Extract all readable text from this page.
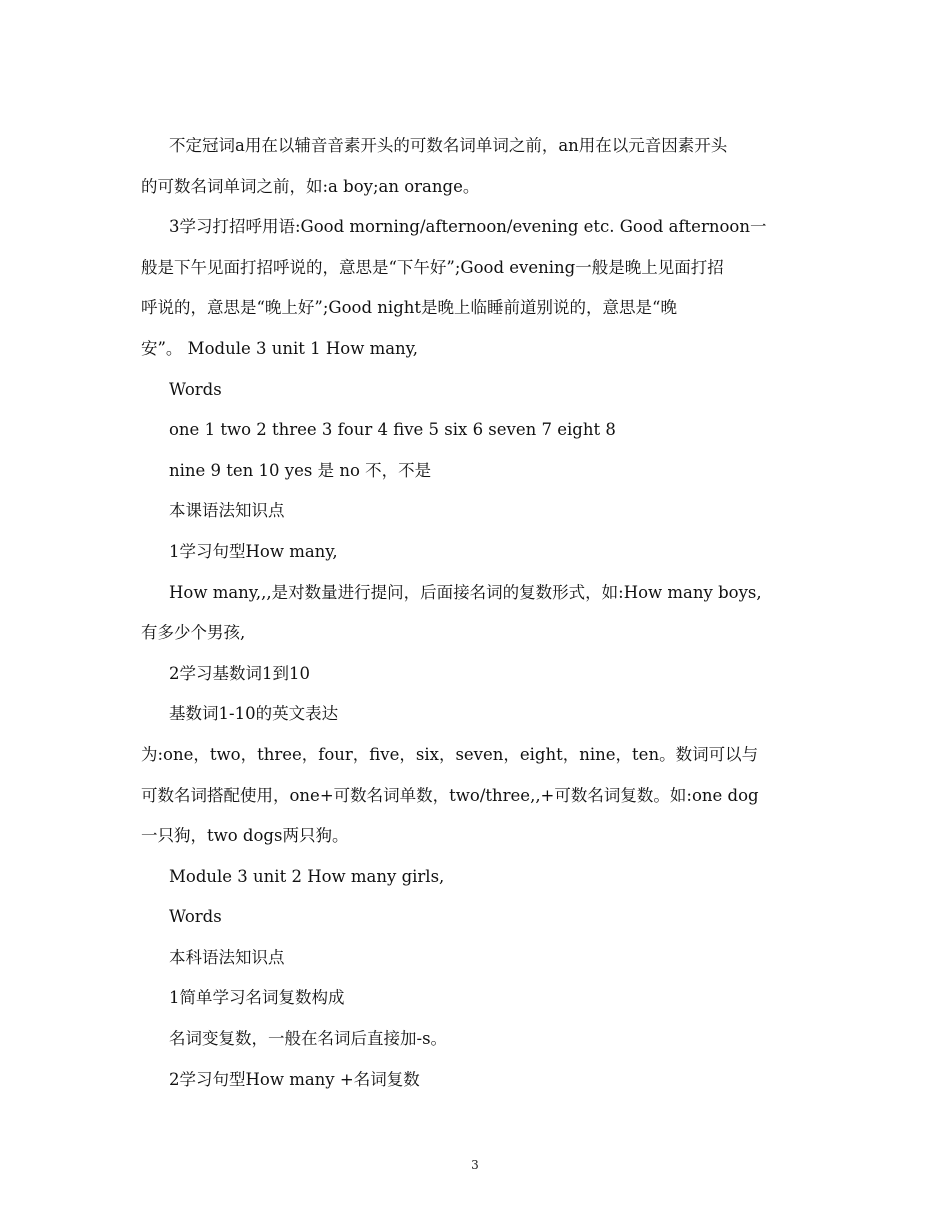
不定冠词a用在以辅音音素开头的可数名词单词之前，an用在以元音因素开头
的可数名词单词之前，如:a boy;an orange。
3学习打招呼用语:Good morning/afternoon/evening etc. Good afternoon一
般是下午见面打招呼说的，意思是“下午好”;Good evening一般是晚上见面打招
呼说的，意思是“晚上好”;Good night是晚上临睡前道别说的，意思是“晚
安”。 Module 3 unit 1 How many,
Words
one 1 two 2 three 3 four 4 five 5 six 6 seven 7 eight 8
nine 9 ten 10 yes 是 no 不，不是
本课语法知识点
1学习句型How many,
How many,,,是对数量进行提问，后面接名词的复数形式，如:How many boys,
有多少个男孩,
2学习基数词1到10
基数词1-10的英文表达
为:one，two，three，four，five，six，seven，eight，nine，ten。数词可以与
可数名词搭配使用，one+可数名词单数，two/three,,+可数名词复数。如:one dog
一只狗，two dogs两只狗。
Module 3 unit 2 How many girls,
Words
本科语法知识点
1简单学习名词复数构成
名词变复数，一般在名词后直接加-s。
2学习句型How many +名词复数
3
